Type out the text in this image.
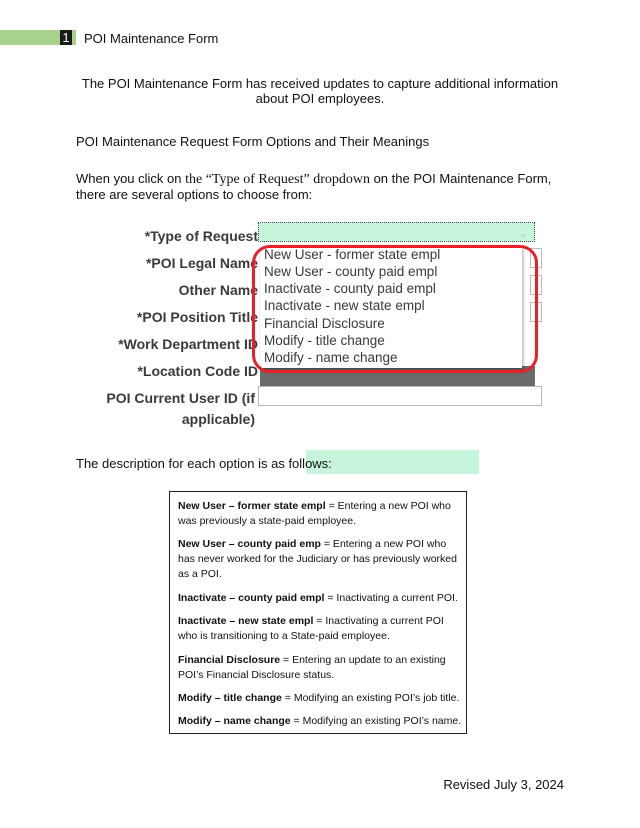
1 POI Maintenance Form
The POI Maintenance Form has received updates to capture additional information about POI employees.
POI Maintenance Request Form Options and Their Meanings
When you click on the “Type of Request” dropdown on the POI Maintenance Form, there are several options to choose from:
*Type of Request
*POI Legal Name
Other Name
*POI Position Title
*Work Department ID
*Location Code ID
POI Current User ID (if
applicable)
⌄
New User - former state empl
New User - county paid empl
Inactivate - county paid empl
Inactivate - new state empl
Financial Disclosure
Modify - title change
Modify - name change
The description for each option is as follows:
New User – former state empl = Entering a new POI who was previously a state-paid employee.
New User – county paid emp = Entering a new POI who has never worked for the Judiciary or has previously worked as a POI.
Inactivate – county paid empl = Inactivating a current POI.
Inactivate – new state empl = Inactivating a current POI who is transitioning to a State-paid employee.
Financial Disclosure = Entering an update to an existing POI’s Financial Disclosure status.
Modify – title change = Modifying an existing POI’s job title.
Modify – name change = Modifying an existing POI’s name.
Revised July 3, 2024
